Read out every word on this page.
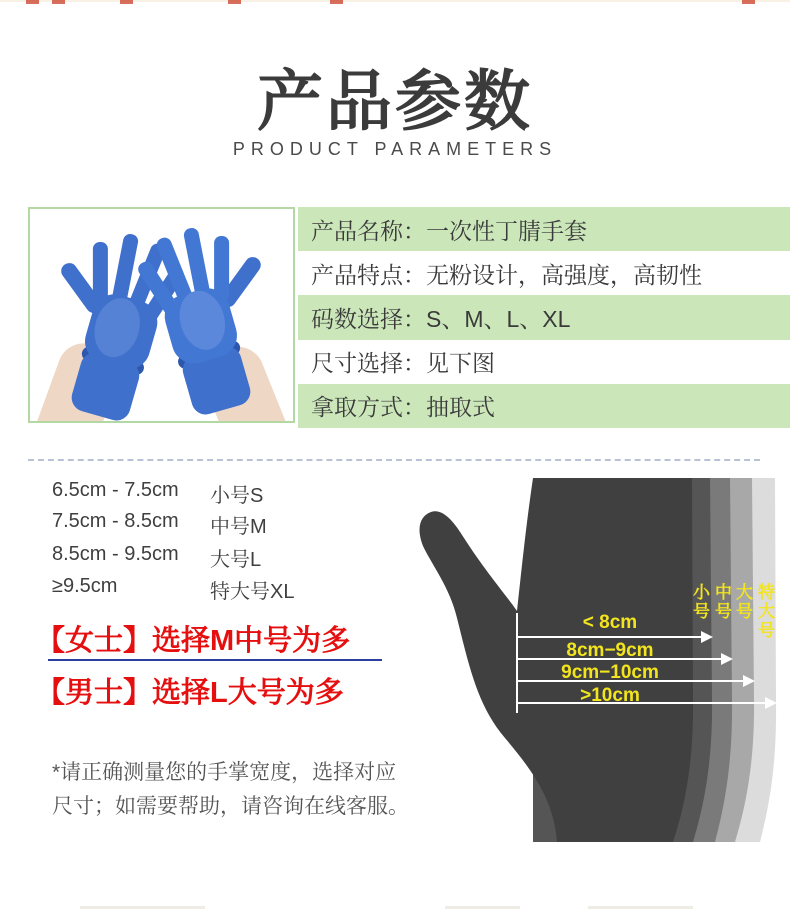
产品参数
PRODUCT PARAMETERS
产品名称： 一次性丁腈手套
产品特点： 无粉设计，高强度，高韧性
码数选择： S、M、L、XL
尺寸选择： 见下图
拿取方式： 抽取式
6.5cm - 7.5cm	小号S
7.5cm - 8.5cm	中号M
8.5cm - 9.5cm	大号L
≥9.5cm	特大号XL
【女士】选择M中号为多
【男士】选择L大号为多
*请正确测量您的手掌宽度，选择对应
尺寸；如需要帮助，请咨询在线客服。
< 8cm
8cm−9cm
9cm−10cm
>10cm
小号 中号 大号 特大号
